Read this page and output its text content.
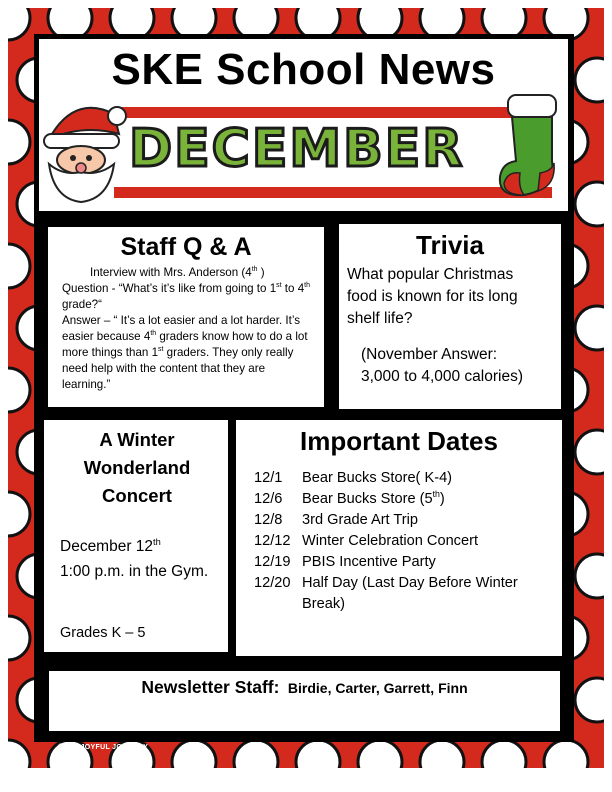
SKE School News
DECEMBER
Staff Q & A
Interview with Mrs. Anderson (4th )
Question - “What’s it’s like from going to 1st to 4th grade?“
Answer – “ It’s a lot easier and a lot harder. It’s easier because 4th graders know how to do a lot more things than 1st graders. They only really need help with the content that they are learning.”
Trivia
What popular Christmas food is known for its long shelf life?
(November Answer:
3,000 to 4,000 calories)
A Winter Wonderland Concert
December 12th
1:00 p.m. in the Gym.
Grades K – 5
Important Dates
12/1	Bear Bucks Store( K-4)
12/6	Bear Bucks Store (5th)
12/8	3rd Grade Art Trip
12/12 Winter Celebration Concert
12/19 PBIS Incentive Party
12/20 Half Day (Last Day Before Winter Break)
Newsletter Staff: Birdie, Carter, Garrett, Finn
©THE JOYFUL JOURNEY
